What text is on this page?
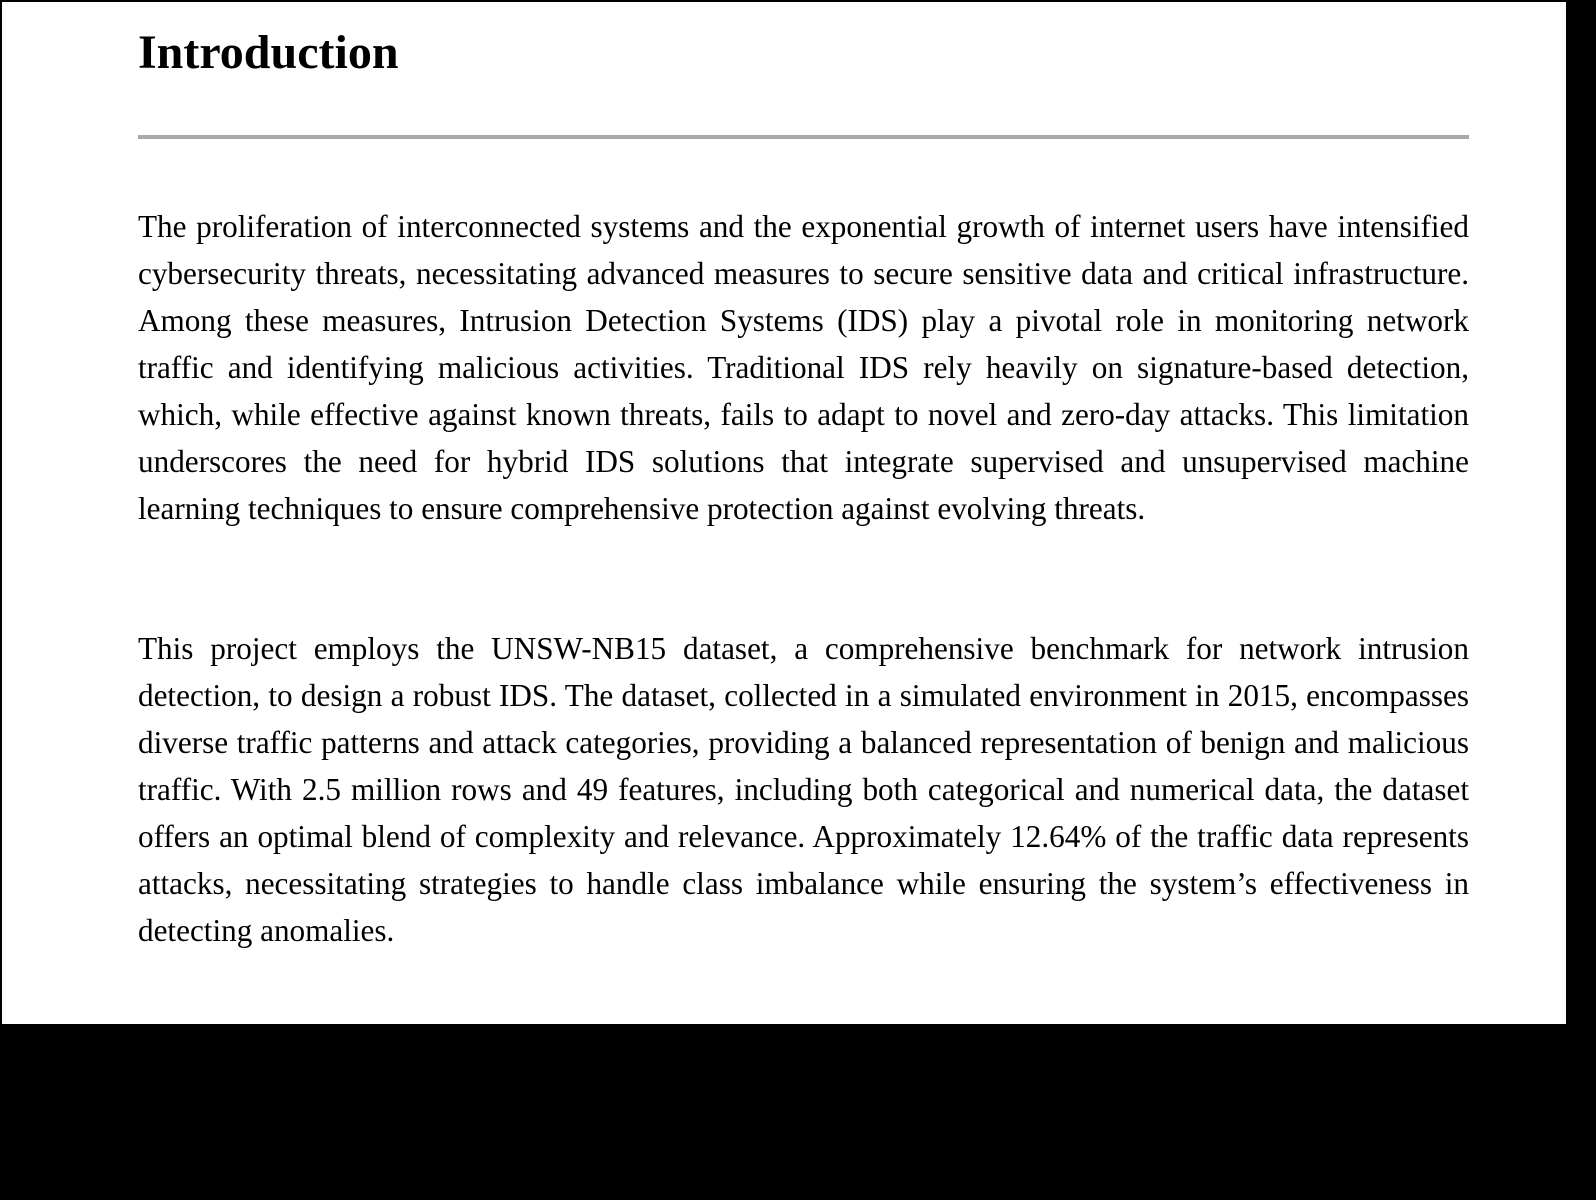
Introduction

The proliferation of interconnected systems and the exponential growth of internet users have intensified cybersecurity threats, necessitating advanced measures to secure sensitive data and critical infrastructure. Among these measures, Intrusion Detection Systems (IDS) play a pivotal role in monitoring network traffic and identifying malicious activities. Traditional IDS rely heavily on signature-based detection, which, while effective against known threats, fails to adapt to novel and zero-day attacks. This limitation underscores the need for hybrid IDS solutions that integrate supervised and unsupervised machine learning techniques to ensure comprehensive protection against evolving threats.

This project employs the UNSW-NB15 dataset, a comprehensive benchmark for network intrusion detection, to design a robust IDS. The dataset, collected in a simulated environment in 2015, encompasses diverse traffic patterns and attack categories, providing a balanced representation of benign and malicious traffic. With 2.5 million rows and 49 features, including both categorical and numerical data, the dataset offers an optimal blend of complexity and relevance. Approximately 12.64% of the traffic data represents attacks, necessitating strategies to handle class imbalance while ensuring the system’s effectiveness in detecting anomalies.
